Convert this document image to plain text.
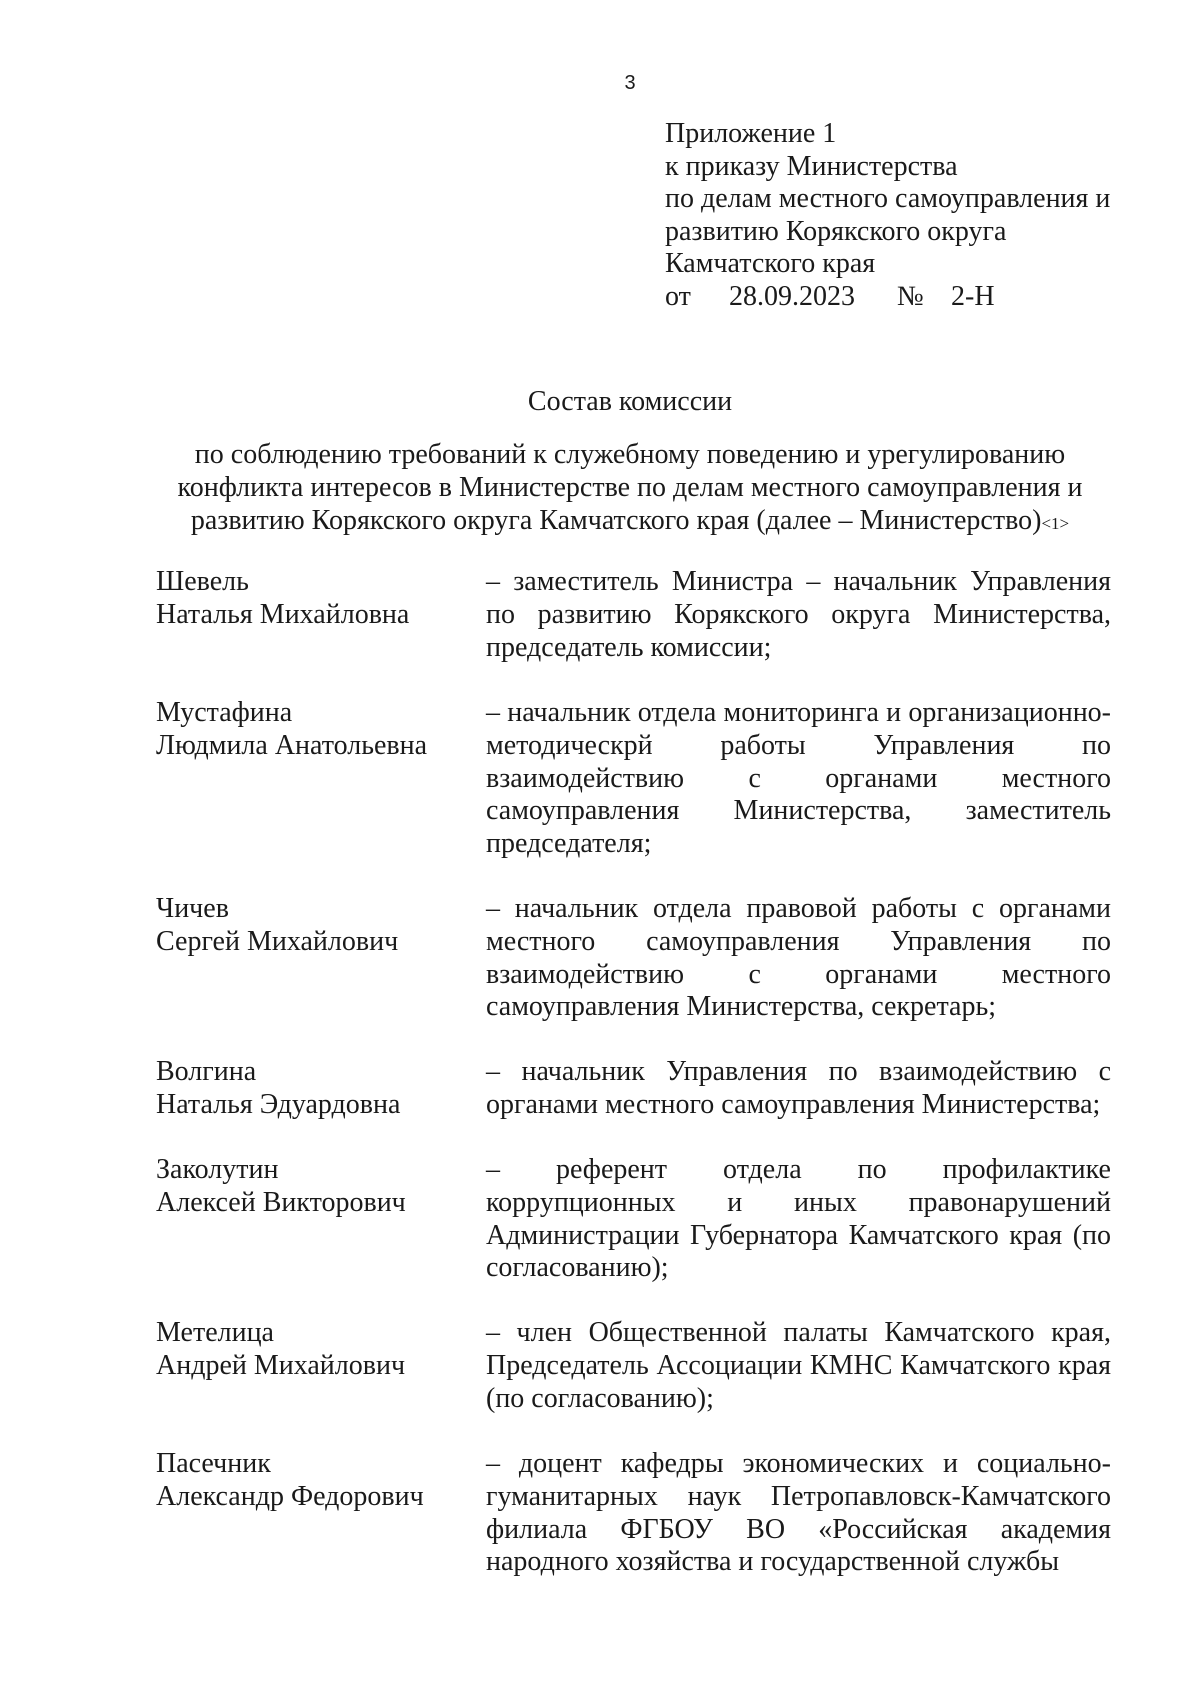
3
Приложение 1
к приказу Министерства
по делам местного самоуправления и
развитию Корякского округа
Камчатского края
от 28.09.2023 № 2-Н
Состав комиссии
по соблюдению требований к служебному поведению и урегулированию конфликта интересов в Министерстве по делам местного самоуправления и развитию Корякского округа Камчатского края (далее – Министерство)<1>
Шевель
Наталья Михайловна
– заместитель Министра – начальник Управления по развитию Корякского округа Министерства, председатель комиссии;
Мустафина
Людмила Анатольевна
– начальник отдела мониторинга и организационно-методическрй работы Управления по взаимодействию с органами местного самоуправления Министерства, заместитель председателя;
Чичев
Сергей Михайлович
– начальник отдела правовой работы с органами местного самоуправления Управления по взаимодействию с органами местного самоуправления Министерства, секретарь;
Волгина
Наталья Эдуардовна
– начальник Управления по взаимодействию с органами местного самоуправления Министерства;
Заколутин
Алексей Викторович
– референт отдела по профилактике коррупционных и иных правонарушений Администрации Губернатора Камчатского края (по согласованию);
Метелица
Андрей Михайлович
– член Общественной палаты Камчатского края, Председатель Ассоциации КМНС Камчатского края (по согласованию);
Пасечник
Александр Федорович
– доцент кафедры экономических и социально-гуманитарных наук Петропавловск-Камчатского филиала ФГБОУ ВО «Российская академия народного хозяйства и государственной службы
